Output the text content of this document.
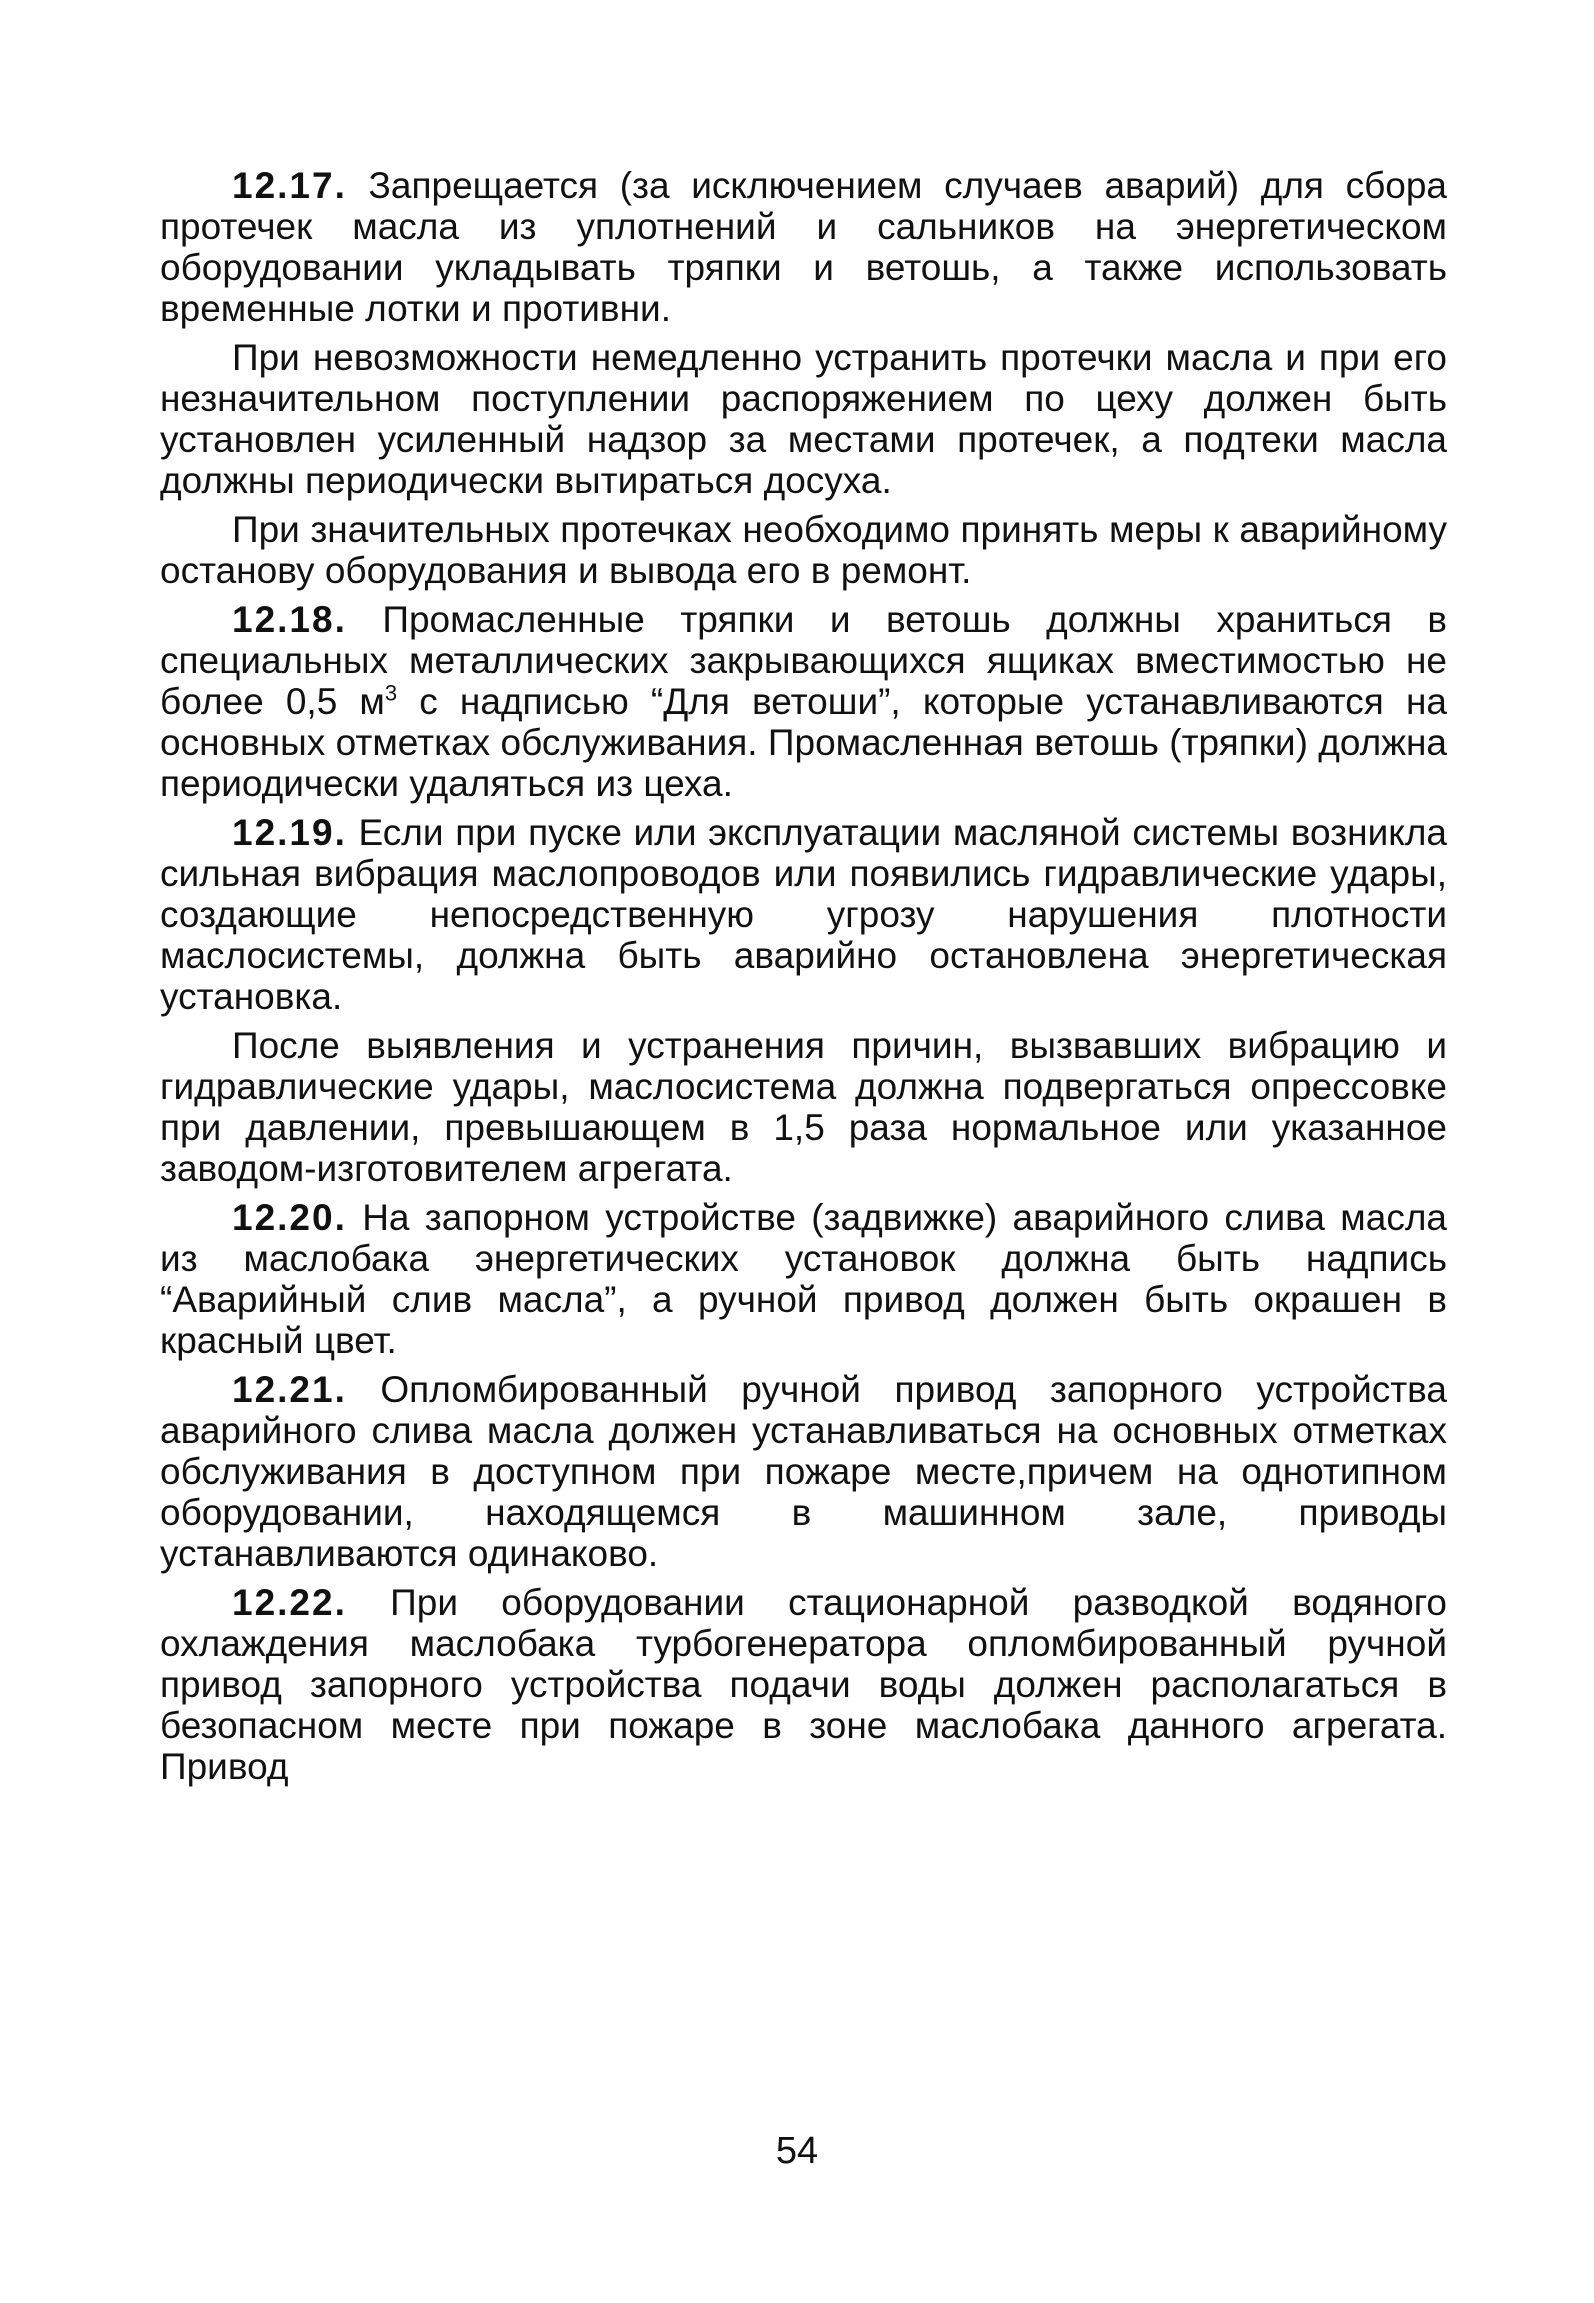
12.17. Запрещается (за исключением случаев аварий) для сбора протечек масла из уплотнений и сальников на энергетическом оборудовании укладывать тряпки и ветошь, а также использовать временные лотки и противни.

При невозможности немедленно устранить протечки масла и при его незначительном поступлении распоряжением по цеху должен быть установлен усиленный надзор за местами протечек, а подтеки масла должны периодически вытираться досуха.

При значительных протечках необходимо принять меры к аварийному останову оборудования и вывода его в ремонт.

12.18. Промасленные тряпки и ветошь должны храниться в специальных металлических закрывающихся ящиках вместимостью не более 0,5 $м^3$ с надписью “Для ветоши”, которые устанавливаются на основных отметках обслуживания. Промасленная ветошь (тряпки) должна периодически удаляться из цеха.

12.19. Если при пуске или эксплуатации масляной системы возникла сильная вибрация маслопроводов или появились гидравлические удары, создающие непосредственную угрозу нарушения плотности маслосистемы, должна быть аварийно остановлена энергетическая установка.

После выявления и устранения причин, вызвавших вибрацию и гидравлические удары, маслосистема должна подвергаться опрессовке при давлении, превышающем в 1,5 раза нормальное или указанное заводом-изготовителем агрегата.

12.20. На запорном устройстве (задвижке) аварийного слива масла из маслобака энергетических установок должна быть надпись “Аварийный слив масла”, а ручной привод должен быть окрашен в красный цвет.

12.21. Опломбированный ручной привод запорного устройства аварийного слива масла должен устанавливаться на основных отметках обслуживания в доступном при пожаре месте,причем на однотипном оборудовании, находящемся в машинном зале, приводы устанавливаются одинаково.

12.22. При оборудовании стационарной разводкой водяного охлаждения маслобака турбогенератора опломбированный ручной привод запорного устройства подачи воды должен располагаться в безопасном месте при пожаре в зоне маслобака данного агрегата. Привод

54
